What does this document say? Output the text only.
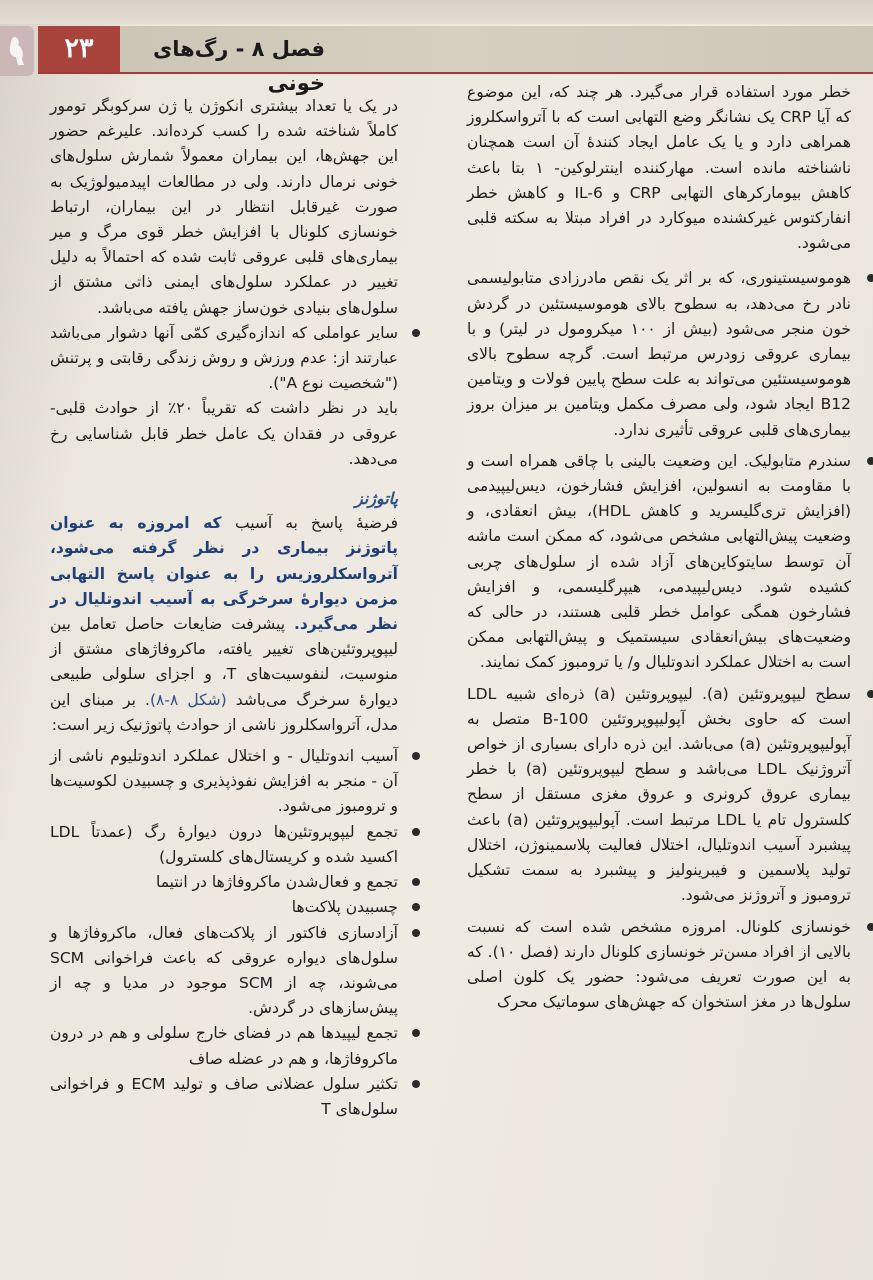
۲۳	فصل ۸ - رگ‌های خونی	خطر مورد استفاده قرار می‌گیرد. هر چند که، این موضوع که آیا CRP یک نشانگر وضع التهابی است که با آترواسکلروز همراهی دارد و یا یک عامل ایجاد کنندهٔ آن است همچنان ناشناخته مانده است. مهارکننده اینترلوکین- ۱ بتا باعث کاهش بیومارکرهای التهابی CRP و IL-6 و کاهش خطر انفارکتوس غیرکشنده میوکارد در افراد مبتلا به سکته قلبی می‌شود.

هوموسیستینوری، که بر اثر یک نقص مادرزادی متابولیسمی نادر رخ می‌دهد، به سطوح بالای هوموسیستئین در گردش خون منجر می‌شود (بیش از ۱۰۰ میکرومول در لیتر) و با بیماری عروقی زودرس مرتبط است. گرچه سطوح بالای هوموسیستئین می‌تواند به علت سطح پایین فولات و ویتامین B12 ایجاد شود، ولی مصرف مکمل ویتامین بر میزان بروز بیماری‌های قلبی عروقی تأثیری ندارد.

سندرم متابولیک. این وضعیت بالینی با چاقی همراه است و با مقاومت به انسولین، افزایش فشارخون، دیس‌لیپیدمی (افزایش تری‌گلیسرید و کاهش HDL)، بیش انعقادی، و وضعیت پیش‌التهابی مشخص می‌شود، که ممکن است ماشه آن توسط سایتوکاین‌های آزاد شده از سلول‌های چربی کشیده شود. دیس‌لیپیدمی، هیپرگلیسمی، و افزایش فشارخون همگی عوامل خطر قلبی هستند، در حالی که وضعیت‌های بیش‌انعقادی سیستمیک و پیش‌التهابی ممکن است به اختلال عملکرد اندوتلیال و/ یا ترومبوز کمک نمایند.

سطح لیپوپروتئین (a). لیپوپروتئین (a) ذره‌ای شبیه LDL است که حاوی بخش آپولیپوپروتئین B-100 متصل به آپولیپوپروتئین (a) می‌باشد. این ذره دارای بسیاری از خواص آتروژنیک LDL می‌باشد و سطح لیپوپروتئین (a) با خطر بیماری عروق کرونری و عروق مغزی مستقل از سطح کلسترول تام یا LDL مرتبط است. آپولیپوپروتئین (a) باعث پیشبرد آسیب اندوتلیال، اختلال فعالیت پلاسمینوژن، اختلال تولید پلاسمین و فیبرینولیز و پیشبرد به سمت تشکیل ترومبوز و آتروژنز می‌شود.

خونسازی کلونال. امروزه مشخص شده است که نسبت بالایی از افراد مسن‌تر خونسازی کلونال دارند (فصل ۱۰). که به این صورت تعریف می‌شود: حضور یک کلون اصلی سلول‌ها در مغز استخوان که جهش‌های سوماتیک محرک

در یک یا تعداد بیشتری انکوژن یا ژن سرکوبگر تومور کاملاً شناخته شده را کسب کرده‌اند. علیرغم حضور این جهش‌ها، این بیماران معمولاً شمارش سلول‌های خونی نرمال دارند. ولی در مطالعات اپیدمیولوژیک به صورت غیرقابل انتظار در این بیماران، ارتباط خونسازی کلونال با افزایش خطر قوی مرگ و میر بیماری‌های قلبی عروقی ثابت شده که احتمالاً به دلیل تغییر در عملکرد سلول‌های ایمنی ذاتی مشتق از سلول‌های بنیادی خون‌ساز جهش یافته می‌باشد.

سایر عواملی که اندازه‌گیری کمّی آنها دشوار می‌باشد عبارتند از: عدم ورزش و روش زندگی رقابتی و پرتنش ("شخصیت نوع A").

باید در نظر داشت که تقریباً ۲۰٪ از حوادث قلبی- عروقی در فقدان یک عامل خطر قابل شناسایی رخ می‌دهد.

پاتوژنز

فرضیهٔ پاسخ به آسیب که امروزه به عنوان پاتوژنز بیماری در نظر گرفته می‌شود، آترواسکلروزیس را به عنوان پاسخ التهابی مزمن دیوارهٔ سرخرگی به آسیب اندوتلیال در نظر می‌گیرد. پیشرفت ضایعات حاصل تعامل بین لیپوپروتئین‌های تغییر یافته، ماکروفاژهای مشتق از منوسیت، لنفوسیت‌های T، و اجزای سلولی طبیعی دیوارهٔ سرخرگ می‌باشد (شکل ۸-۸). بر مبنای این مدل، آترواسکلروز ناشی از حوادث پاتوژنیک زیر است:

آسیب اندوتلیال - و اختلال عملکرد اندوتلیوم ناشی از آن - منجر به افزایش نفوذپذیری و چسبیدن لکوسیت‌ها و ترومبوز می‌شود.

تجمع لیپوپروتئین‌ها درون دیوارهٔ رگ (عمدتاً LDL اکسید شده و کریستال‌های کلسترول)

تجمع و فعال‌شدن ماکروفاژها در انتیما

چسبیدن پلاکت‌ها

آزادسازی فاکتور از پلاکت‌های فعال، ماکروفاژها و سلول‌های دیواره عروقی که باعث فراخوانی SCM می‌شوند، چه از SCM موجود در مدیا و چه از پیش‌سازهای در گردش.

تجمع لیپیدها هم در فضای خارج سلولی و هم در درون ماکروفاژها، و هم در عضله صاف

تکثیر سلول عضلانی صاف و تولید ECM و فراخوانی سلول‌های T
